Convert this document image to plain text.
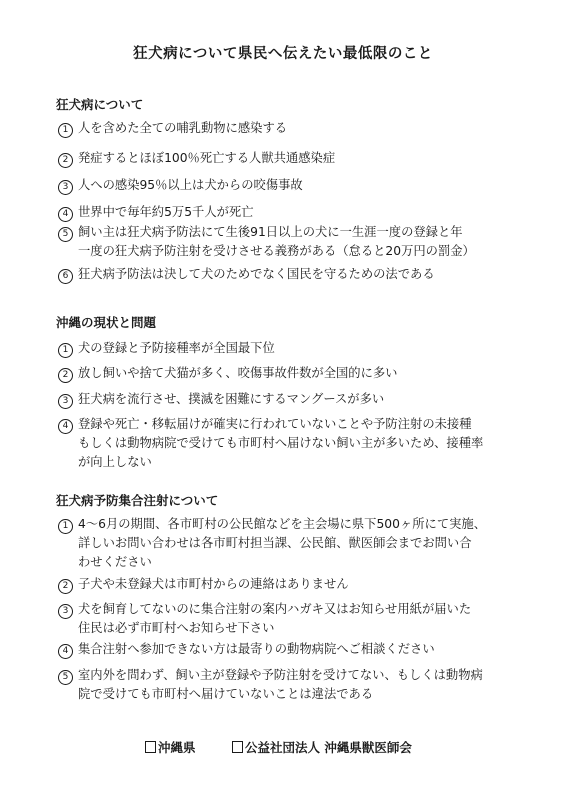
狂犬病について県民へ伝えたい最低限のこと
狂犬病について
1 人を含めた全ての哺乳動物に感染する
2 発症するとほぼ100％死亡する人獣共通感染症
3 人への感染95％以上は犬からの咬傷事故
4 世界中で毎年約5万5千人が死亡
5 飼い主は狂犬病予防法にて生後91日以上の犬に一生涯一度の登録と年
一度の狂犬病予防注射を受けさせる義務がある（怠ると20万円の罰金）
6 狂犬病予防法は決して犬のためでなく国民を守るための法である
沖縄の現状と問題
1 犬の登録と予防接種率が全国最下位
2 放し飼いや捨て犬猫が多く、咬傷事故件数が全国的に多い
3 狂犬病を流行させ、撲滅を困難にするマングースが多い
4 登録や死亡・移転届けが確実に行われていないことや予防注射の未接種
もしくは動物病院で受けても市町村へ届けない飼い主が多いため、接種率
が向上しない
狂犬病予防集合注射について
1 4～6月の期間、各市町村の公民館などを主会場に県下500ヶ所にて実施、
詳しいお問い合わせは各市町村担当課、公民館、獣医師会までお問い合
わせください
2 子犬や未登録犬は市町村からの連絡はありません
3 犬を飼育してないのに集合注射の案内ハガキ又はお知らせ用紙が届いた
住民は必ず市町村へお知らせ下さい
4 集合注射へ参加できない方は最寄りの動物病院へご相談ください
5 室内外を問わず、飼い主が登録や予防注射を受けてない、もしくは動物病
院で受けても市町村へ届けていないことは違法である
沖縄県	公益社団法人 沖縄県獣医師会
